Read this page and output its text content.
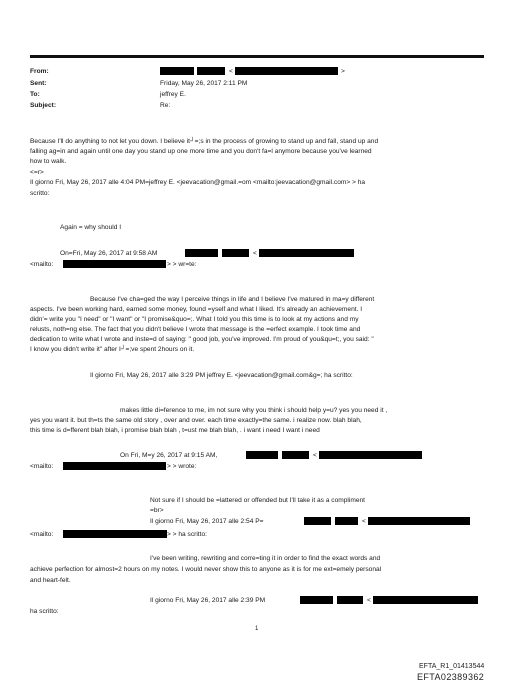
From:	<	>
Sent:	Friday, May 26, 2017 2:11 PM
To:	jeffrey E.
Subject:	Re:
Because I'll do anything to not let you down. I believe it┘=;s in the process of growing to stand up and fall, stand up and
falling ag=in and again until one day you stand up one more time and you don't fa=l anymore because you've learned
how to walk.
<=r>
Il giorno Fri, May 26, 2017 alle 4:04 PM=jeffrey E. <jeevacation@gmail.=om <mailto:jeevacation@gmail.com> > ha
scritto:
Again = why should I
On=Fri, May 26, 2017 at 9:58 AM	<
<mailto:	> > wr=te:
Because I've cha=ged the way I perceive things in life and I believe I've matured in ma=y different
aspects. I've been working hard, earned some money, found =yself and what I liked. It's already an achievement. I
didn'= write you "I need" or "I want" or "I promise&quo=;. What I told you this time is to look at my actions and my
relusts, noth=ng else. The fact that you didn't believe I wrote that message is the =erfect example. I took time and
dedication to write what I wrote and inste=d of saying: " good job, you've improved. I'm proud of you&qu=t;, you said: "
I know you didn't write it" after I┘=;ve spent 2hours on it.
Il giorno Fri, May 26, 2017 alle 3:29 PM jeffrey E. <jeevacation@gmail.com&g=; ha scritto:
makes little di=ference to me, im not sure why you think i should help y=u? yes you need it ,
yes you want it. but th=ts the same old story , over and over. each time exactly=the same. i realize now. blah blah,
this time is d=fferent blah blah, i promise blah blah , t=ust me blah blah, . i want i need I want i need
On Fri, M=y 26, 2017 at 9:15 AM,	<
<mailto:	> > wrote:
Not sure if I should be =lattered or offended but I'll take it as a compliment
=br>
Il giorno Fri, May 26, 2017 alle 2:54 P=	<
<mailto:	> > ha scritto:
I've been writing, rewriting and corre=ting it in order to find the exact words and
achieve perfection for almost=2 hours on my notes. I would never show this to anyone as it is for me ext=emely personal
and heart-felt.
Il giorno Fri, May 26, 2017 alle 2:39 PM	<
ha scritto:
1
EFTA_R1_01413544
EFTA02389362
